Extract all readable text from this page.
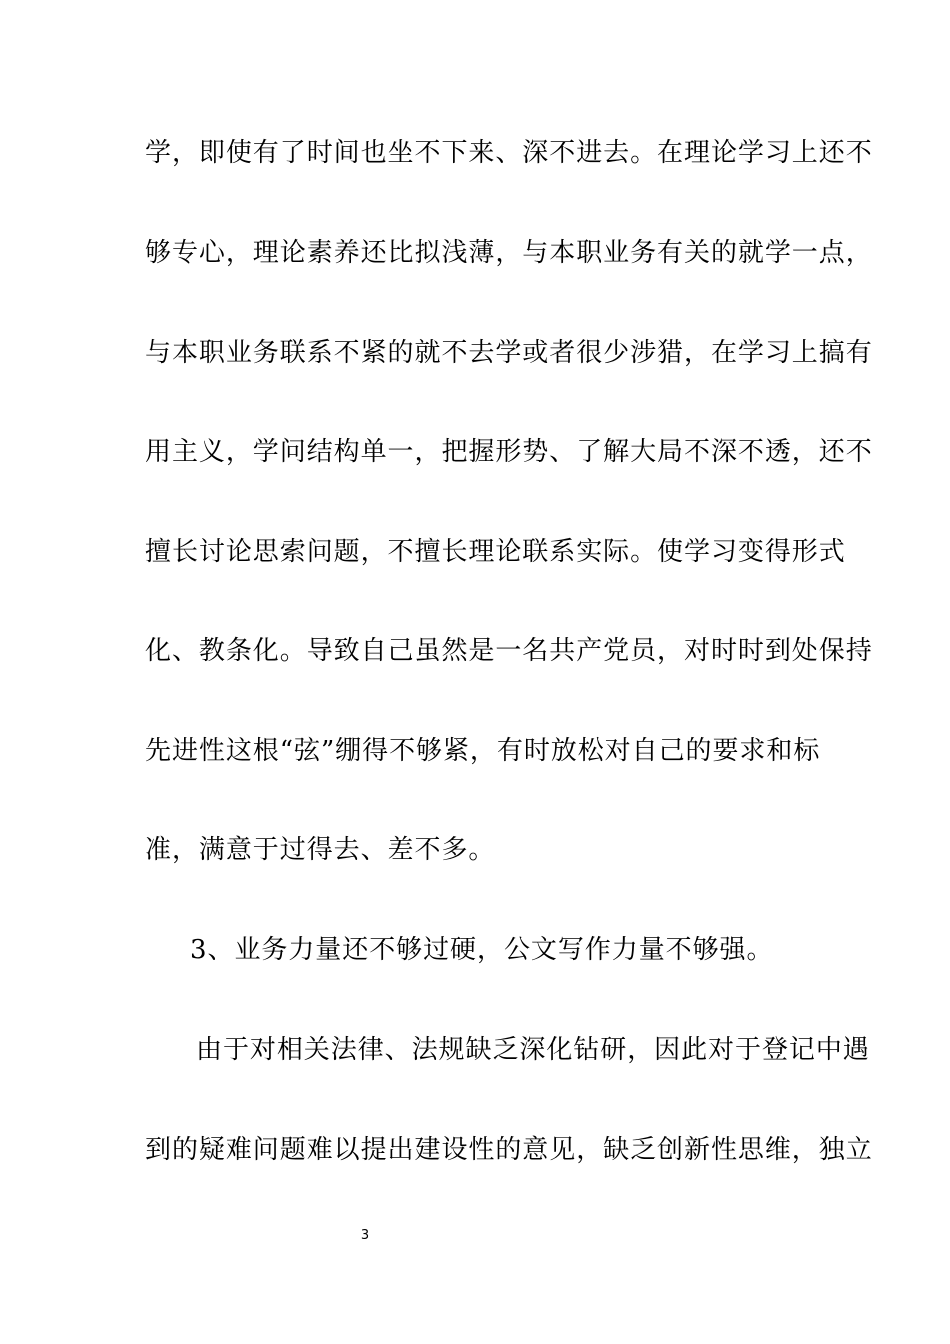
学，即使有了时间也坐不下来、深不进去。在理论学习上还不
够专心，理论素养还比拟浅薄，与本职业务有关的就学一点，
与本职业务联系不紧的就不去学或者很少涉猎，在学习上搞有
用主义，学问结构单一，把握形势、了解大局不深不透，还不
擅长讨论思索问题，不擅长理论联系实际。使学习变得形式
化、教条化。导致自己虽然是一名共产党员，对时时到处保持
先进性这根“弦”绷得不够紧，有时放松对自己的要求和标
准，满意于过得去、差不多。
3、业务力量还不够过硬，公文写作力量不够强。
由于对相关法律、法规缺乏深化钻研，因此对于登记中遇
到的疑难问题难以提出建设性的意见，缺乏创新性思维，独立
3
